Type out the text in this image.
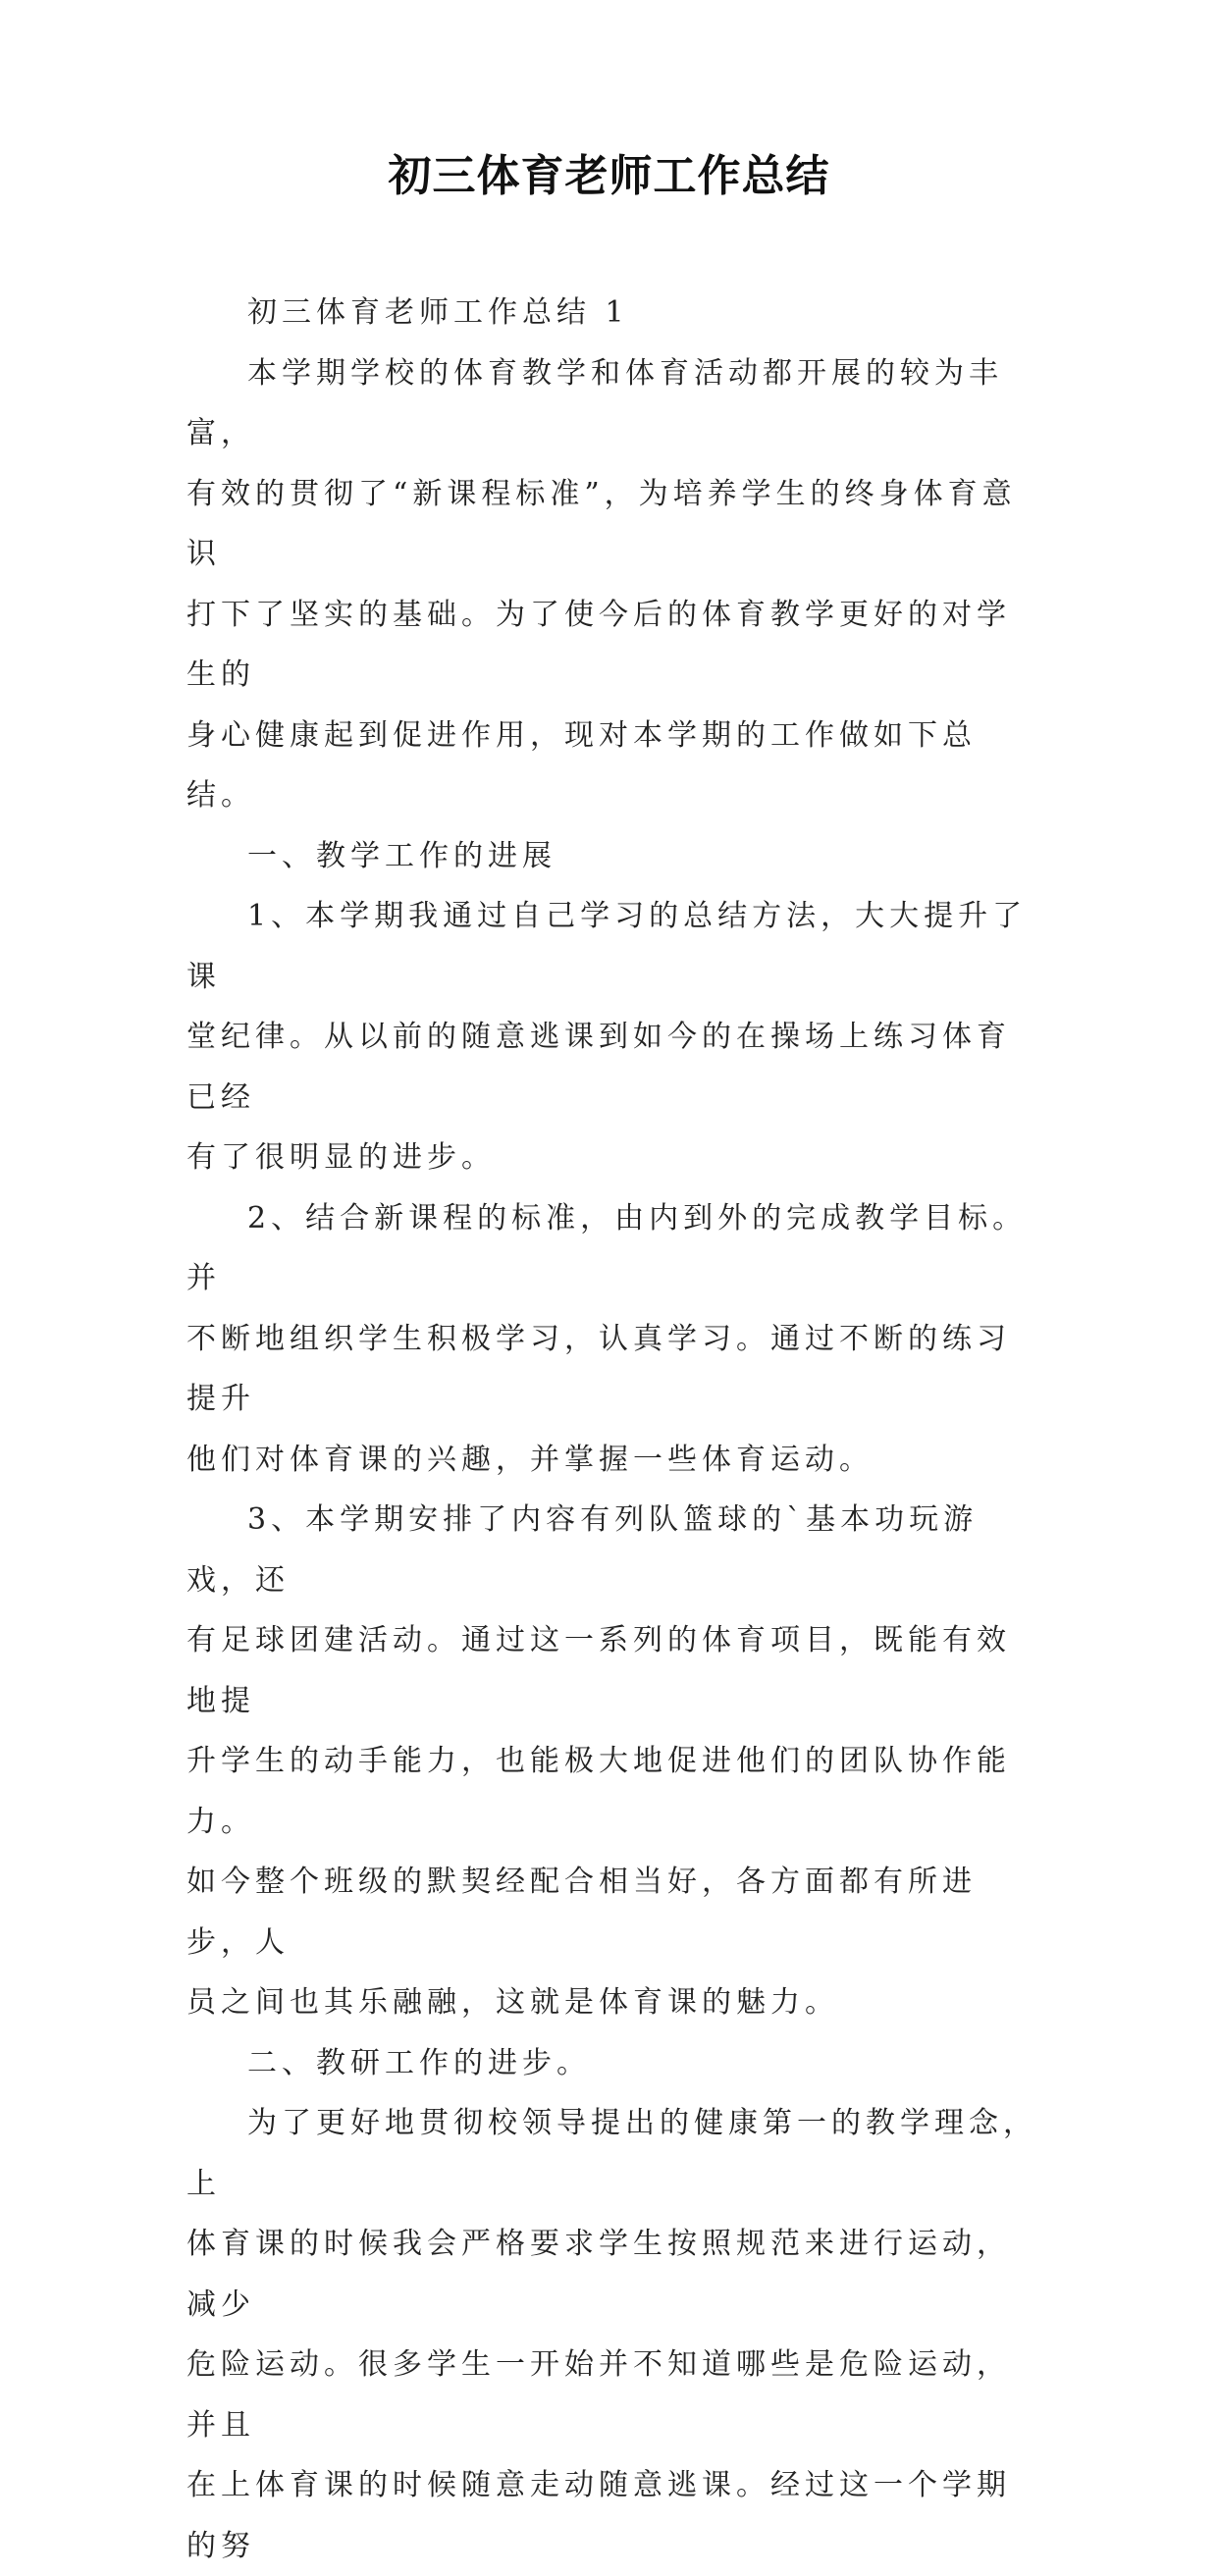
初三体育老师工作总结

初三体育老师工作总结 1

本学期学校的体育教学和体育活动都开展的较为丰富，
有效的贯彻了“新课程标准”，为培养学生的终身体育意识
打下了坚实的基础。为了使今后的体育教学更好的对学生的
身心健康起到促进作用，现对本学期的工作做如下总结。

一、教学工作的进展

1、本学期我通过自己学习的总结方法，大大提升了课
堂纪律。从以前的随意逃课到如今的在操场上练习体育已经
有了很明显的进步。

2、结合新课程的标准，由内到外的完成教学目标。并
不断地组织学生积极学习，认真学习。通过不断的练习提升
他们对体育课的兴趣，并掌握一些体育运动。

3、本学期安排了内容有列队篮球的`基本功玩游戏，还
有足球团建活动。通过这一系列的体育项目，既能有效地提
升学生的动手能力，也能极大地促进他们的团队协作能力。
如今整个班级的默契经配合相当好，各方面都有所进步，人
员之间也其乐融融，这就是体育课的魅力。

二、教研工作的进步。

为了更好地贯彻校领导提出的健康第一的教学理念，上
体育课的时候我会严格要求学生按照规范来进行运动，减少
危险运动。很多学生一开始并不知道哪些是危险运动，并且
在上体育课的时候随意走动随意逃课。经过这一个学期的努
